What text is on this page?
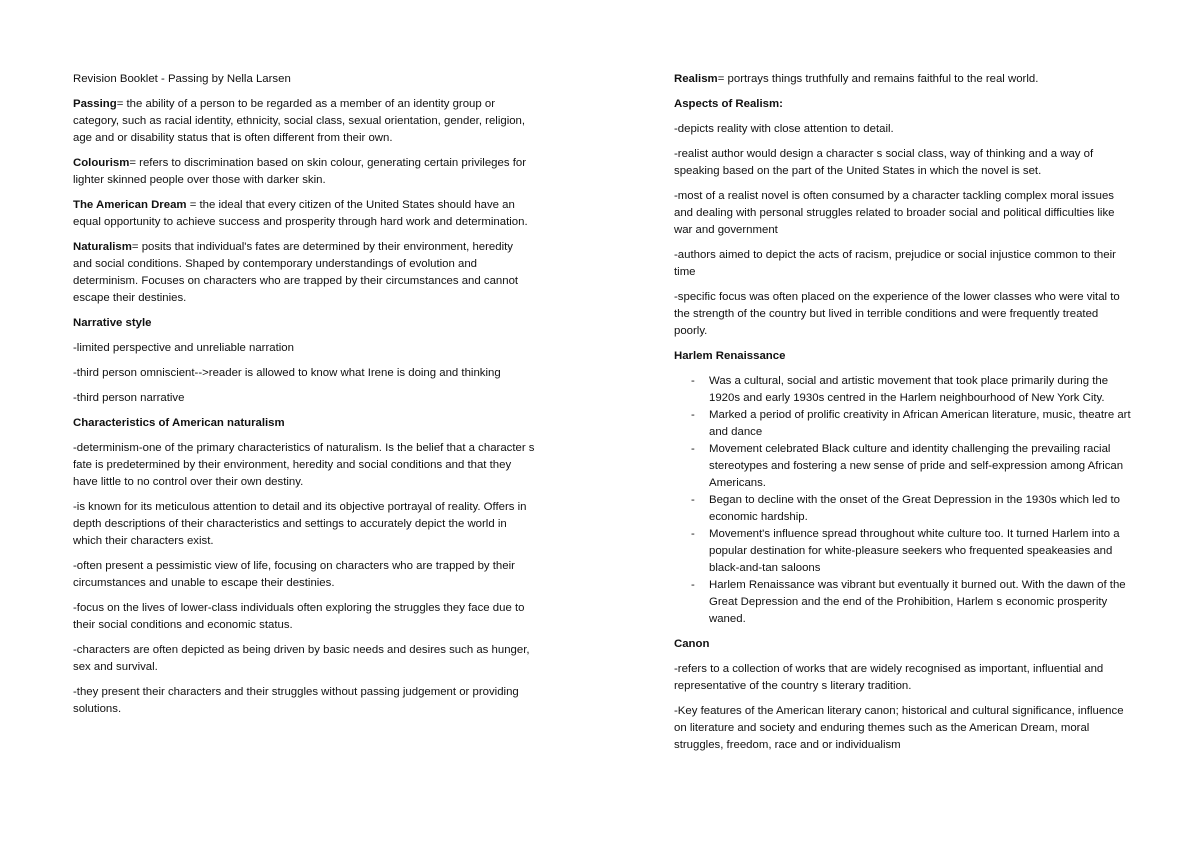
Revision Booklet - Passing by Nella Larsen

Passing= the ability of a person to be regarded as a member of an identity group or category, such as racial identity, ethnicity, social class, sexual orientation, gender, religion, age and or disability status that is often different from their own.

Colourism= refers to discrimination based on skin colour, generating certain privileges for lighter skinned people over those with darker skin.

The American Dream = the ideal that every citizen of the United States should have an equal opportunity to achieve success and prosperity through hard work and determination.

Naturalism= posits that individual's fates are determined by their environment, heredity and social conditions. Shaped by contemporary understandings of evolution and determinism. Focuses on characters who are trapped by their circumstances and cannot escape their destinies.

Narrative style

-limited perspective and unreliable narration

-third person omniscient-->reader is allowed to know what Irene is doing and thinking

-third person narrative

Characteristics of American naturalism

-determinism-one of the primary characteristics of naturalism. Is the belief that a character s fate is predetermined by their environment, heredity and social conditions and that they have little to no control over their own destiny.

-is known for its meticulous attention to detail and its objective portrayal of reality. Offers in depth descriptions of their characteristics and settings to accurately depict the world in which their characters exist.

-often present a pessimistic view of life, focusing on characters who are trapped by their circumstances and unable to escape their destinies.

-focus on the lives of lower-class individuals often exploring the struggles they face due to their social conditions and economic status.

-characters are often depicted as being driven by basic needs and desires such as hunger, sex and survival.

-they present their characters and their struggles without passing judgement or providing solutions.

Realism= portrays things truthfully and remains faithful to the real world.

Aspects of Realism:

-depicts reality with close attention to detail.

-realist author would design a character s social class, way of thinking and a way of speaking based on the part of the United States in which the novel is set.

-most of a realist novel is often consumed by a character tackling complex moral issues and dealing with personal struggles related to broader social and political difficulties like war and government

-authors aimed to depict the acts of racism, prejudice or social injustice common to their time

-specific focus was often placed on the experience of the lower classes who were vital to the strength of the country but lived in terrible conditions and were frequently treated poorly.

Harlem Renaissance

- Was a cultural, social and artistic movement that took place primarily during the 1920s and early 1930s centred in the Harlem neighbourhood of New York City.
- Marked a period of prolific creativity in African American literature, music, theatre art and dance
- Movement celebrated Black culture and identity challenging the prevailing racial stereotypes and fostering a new sense of pride and self-expression among African Americans.
- Began to decline with the onset of the Great Depression in the 1930s which led to economic hardship.
- Movement's influence spread throughout white culture too. It turned Harlem into a popular destination for white-pleasure seekers who frequented speakeasies and black-and-tan saloons
- Harlem Renaissance was vibrant but eventually it burned out. With the dawn of the Great Depression and the end of the Prohibition, Harlem s economic prosperity waned.

Canon

-refers to a collection of works that are widely recognised as important, influential and representative of the country s literary tradition.

-Key features of the American literary canon; historical and cultural significance, influence on literature and society and enduring themes such as the American Dream, moral struggles, freedom, race and or individualism
